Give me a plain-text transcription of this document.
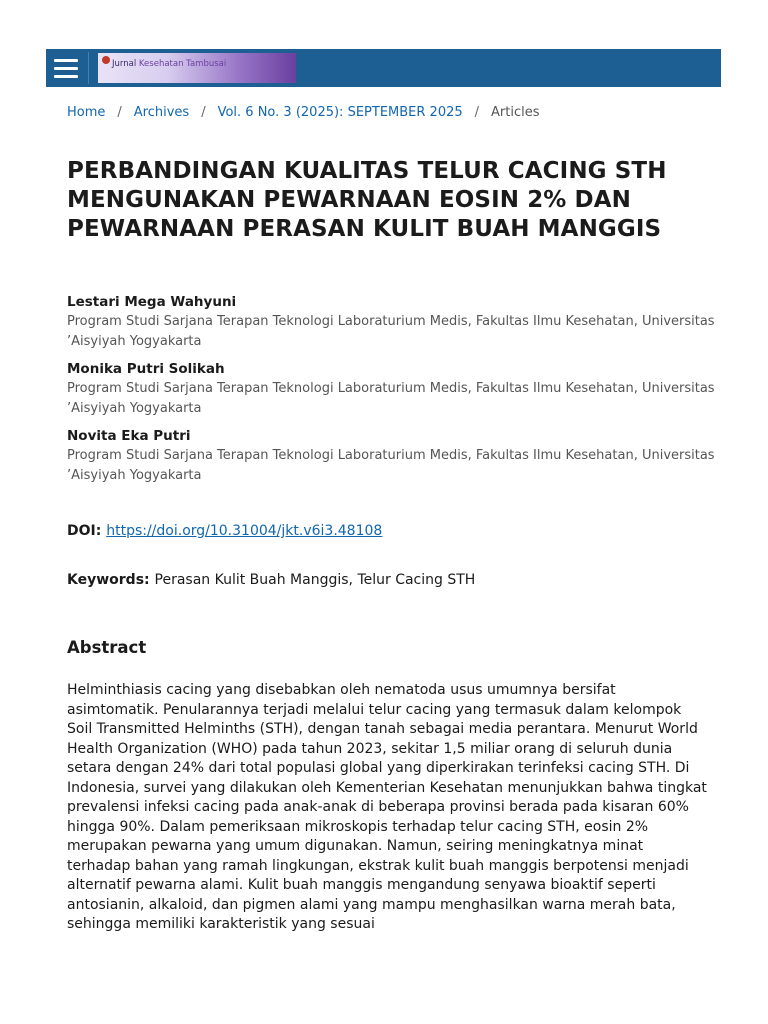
Jurnal Kesehatan Tambusai
Home / Archives / Vol. 6 No. 3 (2025): SEPTEMBER 2025 / Articles
PERBANDINGAN KUALITAS TELUR CACING STH MENGUNAKAN PEWARNAAN EOSIN 2% DAN PEWARNAAN PERASAN KULIT BUAH MANGGIS
Lestari Mega Wahyuni
Program Studi Sarjana Terapan Teknologi Laboraturium Medis, Fakultas Ilmu Kesehatan, Universitas ’Aisyiyah Yogyakarta
Monika Putri Solikah
Program Studi Sarjana Terapan Teknologi Laboraturium Medis, Fakultas Ilmu Kesehatan, Universitas ’Aisyiyah Yogyakarta
Novita Eka Putri
Program Studi Sarjana Terapan Teknologi Laboraturium Medis, Fakultas Ilmu Kesehatan, Universitas ’Aisyiyah Yogyakarta
DOI: https://doi.org/10.31004/jkt.v6i3.48108
Keywords: Perasan Kulit Buah Manggis, Telur Cacing STH
Abstract

Helminthiasis cacing yang disebabkan oleh nematoda usus umumnya bersifat asimtomatik. Penularannya terjadi melalui telur cacing yang termasuk dalam kelompok Soil Transmitted Helminths (STH), dengan tanah sebagai media perantara. Menurut World Health Organization (WHO) pada tahun 2023, sekitar 1,5 miliar orang di seluruh dunia setara dengan 24% dari total populasi global yang diperkirakan terinfeksi cacing STH. Di Indonesia, survei yang dilakukan oleh Kementerian Kesehatan menunjukkan bahwa tingkat prevalensi infeksi cacing pada anak-anak di beberapa provinsi berada pada kisaran 60% hingga 90%. Dalam pemeriksaan mikroskopis terhadap telur cacing STH, eosin 2% merupakan pewarna yang umum digunakan. Namun, seiring meningkatnya minat terhadap bahan yang ramah lingkungan, ekstrak kulit buah manggis berpotensi menjadi alternatif pewarna alami. Kulit buah manggis mengandung senyawa bioaktif seperti antosianin, alkaloid, dan pigmen alami yang mampu menghasilkan warna merah bata, sehingga memiliki karakteristik yang sesuai
